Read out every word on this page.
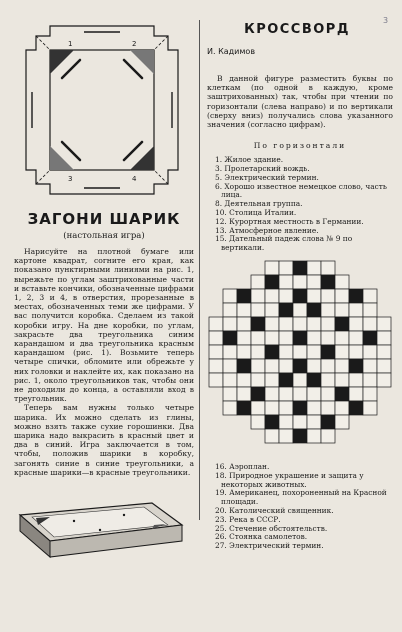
3
1	2
3	4
ЗАГОНИ ШАРИК
(настольная игра)

Нарисуйте на плотной бумаге или картоне квадрат, согните его края, как показано пунктирными линиями на рис. 1, вырежьте по углам заштрихованные части и вставьте кончики, обозначенные цифрами 1, 2, 3 и 4, в отверстия, прорезанные в местах, обозначенных теми же цифрами. У вас получится коробка. Сделаем из такой коробки игру. На дне коробки, по углам, закрасьте два треугольника синим карандашом и два треугольника красным карандашом (рис. 1). Возьмите теперь четыре спички, обломите или обрежьте у них головки и наклейте их, как показано на рис. 1, около треугольников так, чтобы они не доходили до конца, а оставляли вход в треугольник.

Теперь вам нужны только четыре шарика. Их можно сделать из глины, можно взять также сухие горошинки. Два шарика надо выкрасить в красный цвет и два в синий. Игра заключается в том, чтобы, положив шарики в коробку, загонять синие в синие треугольники, а красные шарики—в красные треугольники.

КРОССВОРД
И. Кадимов
В данной фигуре разместить буквы по клеткам (по одной в каждую, кроме заштрихованных) так, чтобы при чтении по горизонтали (слева направо) и по вертикали (сверху вниз) получались слова указанного значения (согласно цифрам).
По горизонтали
1. Жилое здание.
3. Пролетарский вождь.
5. Электрический термин.
6. Хорошо известное немецкое слово, часть лица.
8. Деятельная группа.
10. Столица Италии.
12. Курортная местность в Германии.
13. Атмосферное явление.
15. Дательный падеж слова № 9 по вертикали.
16. Аэроплан.
18. Природное украшение и защита у некоторых животных.
19. Американец, похороненный на Красной площади.
20. Католический священник.
23. Река в СССР.
25. Стечение обстоятельств.
26. Стоянка самолетов.
27. Электрический термин.
